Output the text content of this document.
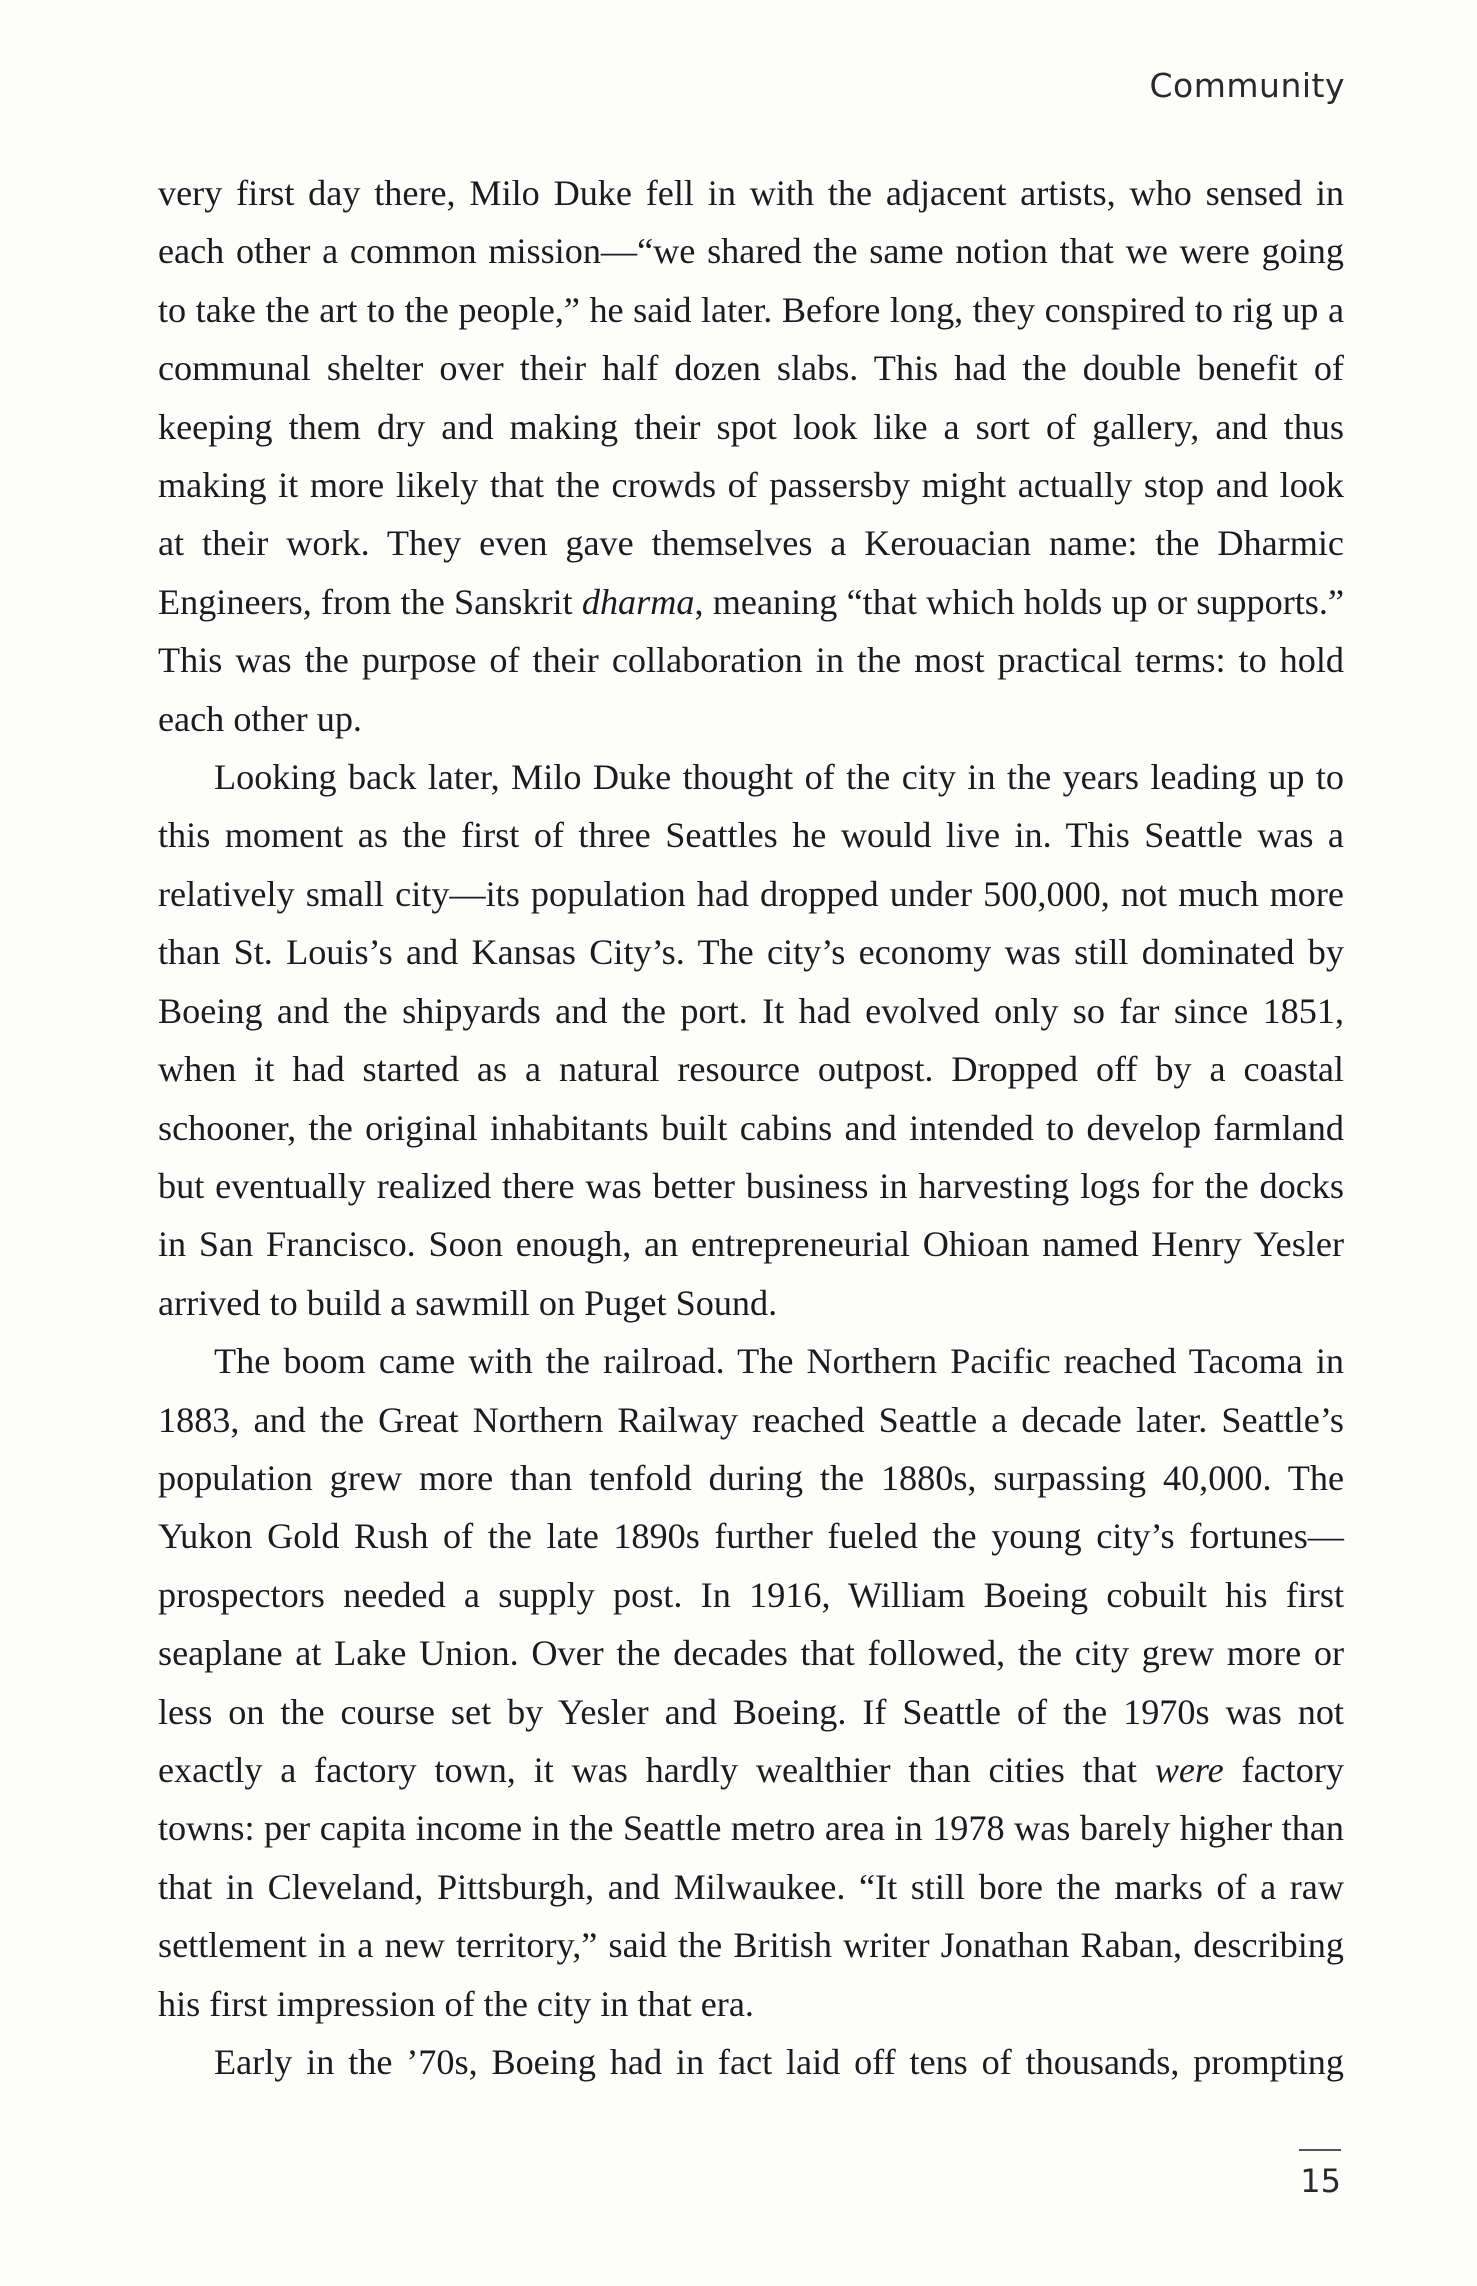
Community

very first day there, Milo Duke fell in with the adjacent artists, who sensed in each other a common mission—“we shared the same notion that we were going to take the art to the people,” he said later. Before long, they conspired to rig up a communal shelter over their half dozen slabs. This had the double benefit of keeping them dry and making their spot look like a sort of gallery, and thus making it more likely that the crowds of passersby might actually stop and look at their work. They even gave themselves a Kerouacian name: the Dharmic Engineers, from the Sanskrit dharma, meaning “that which holds up or supports.” This was the purpose of their collaboration in the most practical terms: to hold each other up.

Looking back later, Milo Duke thought of the city in the years leading up to this moment as the first of three Seattles he would live in. This Seattle was a relatively small city—its population had dropped under 500,000, not much more than St. Louis’s and Kansas City’s. The city’s economy was still dominated by Boeing and the shipyards and the port. It had evolved only so far since 1851, when it had started as a natural resource outpost. Dropped off by a coastal schooner, the original inhabitants built cabins and intended to develop farmland but eventually realized there was better business in harvesting logs for the docks in San Francisco. Soon enough, an entrepreneurial Ohioan named Henry Yesler arrived to build a sawmill on Puget Sound.

The boom came with the railroad. The Northern Pacific reached Tacoma in 1883, and the Great Northern Railway reached Seattle a decade later. Seattle’s population grew more than tenfold during the 1880s, surpassing 40,000. The Yukon Gold Rush of the late 1890s further fueled the young city’s fortunes—prospectors needed a supply post. In 1916, William Boeing cobuilt his first seaplane at Lake Union. Over the decades that followed, the city grew more or less on the course set by Yesler and Boeing. If Seattle of the 1970s was not exactly a factory town, it was hardly wealthier than cities that were factory towns: per capita income in the Seattle metro area in 1978 was barely higher than that in Cleveland, Pittsburgh, and Milwaukee. “It still bore the marks of a raw settlement in a new territory,” said the British writer Jonathan Raban, describing his first impression of the city in that era.

Early in the ’70s, Boeing had in fact laid off tens of thousands, prompting

15
